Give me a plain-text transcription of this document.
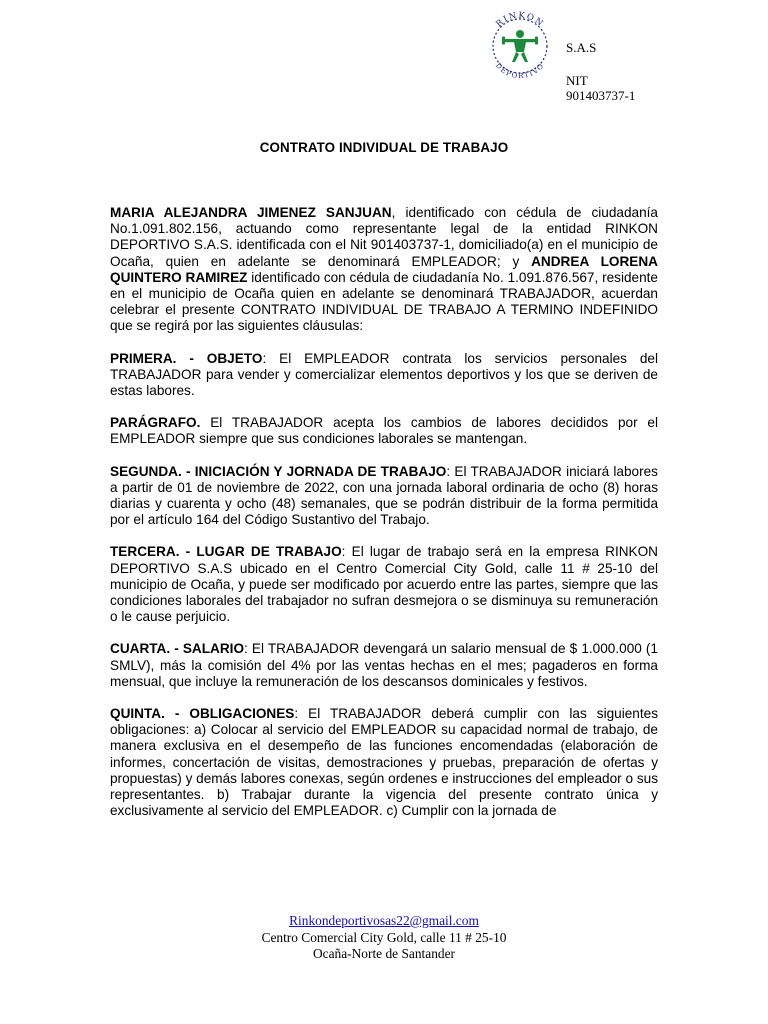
RINKON
DEPORTIVO
S.A.S
NIT
901403737-1
CONTRATO INDIVIDUAL DE TRABAJO

MARIA ALEJANDRA JIMENEZ SANJUAN, identificado con cédula de ciudadanía No.1.091.802.156, actuando como representante legal de la entidad RINKON DEPORTIVO S.A.S. identificada con el Nit 901403737-1, domiciliado(a) en el municipio de Ocaña, quien en adelante se denominará EMPLEADOR; y ANDREA LORENA QUINTERO RAMIREZ identificado con cédula de ciudadanía No. 1.091.876.567, residente en el municipio de Ocaña quien en adelante se denominará TRABAJADOR, acuerdan celebrar el presente CONTRATO INDIVIDUAL DE TRABAJO A TERMINO INDEFINIDO que se regirá por las siguientes cláusulas:

PRIMERA. - OBJETO: El EMPLEADOR contrata los servicios personales del TRABAJADOR para vender y comercializar elementos deportivos y los que se deriven de estas labores.

PARÁGRAFO. El TRABAJADOR acepta los cambios de labores decididos por el EMPLEADOR siempre que sus condiciones laborales se mantengan.

SEGUNDA. - INICIACIÓN Y JORNADA DE TRABAJO: El TRABAJADOR iniciará labores a partir de 01 de noviembre de 2022, con una jornada laboral ordinaria de ocho (8) horas diarias y cuarenta y ocho (48) semanales, que se podrán distribuir de la forma permitida por el artículo 164 del Código Sustantivo del Trabajo.

TERCERA. - LUGAR DE TRABAJO: El lugar de trabajo será en la empresa RINKON DEPORTIVO S.A.S ubicado en el Centro Comercial City Gold, calle 11 # 25-10 del municipio de Ocaña, y puede ser modificado por acuerdo entre las partes, siempre que las condiciones laborales del trabajador no sufran desmejora o se disminuya su remuneración o le cause perjuicio.

CUARTA. - SALARIO: El TRABAJADOR devengará un salario mensual de $ 1.000.000 (1 SMLV), más la comisión del 4% por las ventas hechas en el mes; pagaderos en forma mensual, que incluye la remuneración de los descansos dominicales y festivos.

QUINTA. - OBLIGACIONES: El TRABAJADOR deberá cumplir con las siguientes obligaciones: a) Colocar al servicio del EMPLEADOR su capacidad normal de trabajo, de manera exclusiva en el desempeño de las funciones encomendadas (elaboración de informes, concertación de visitas, demostraciones y pruebas, preparación de ofertas y propuestas) y demás labores conexas, según ordenes e instrucciones del empleador o sus representantes. b) Trabajar durante la vigencia del presente contrato única y exclusivamente al servicio del EMPLEADOR. c) Cumplir con la jornada de

Rinkondeportivosas22@gmail.com
Centro Comercial City Gold, calle 11 # 25-10
Ocaña-Norte de Santander
